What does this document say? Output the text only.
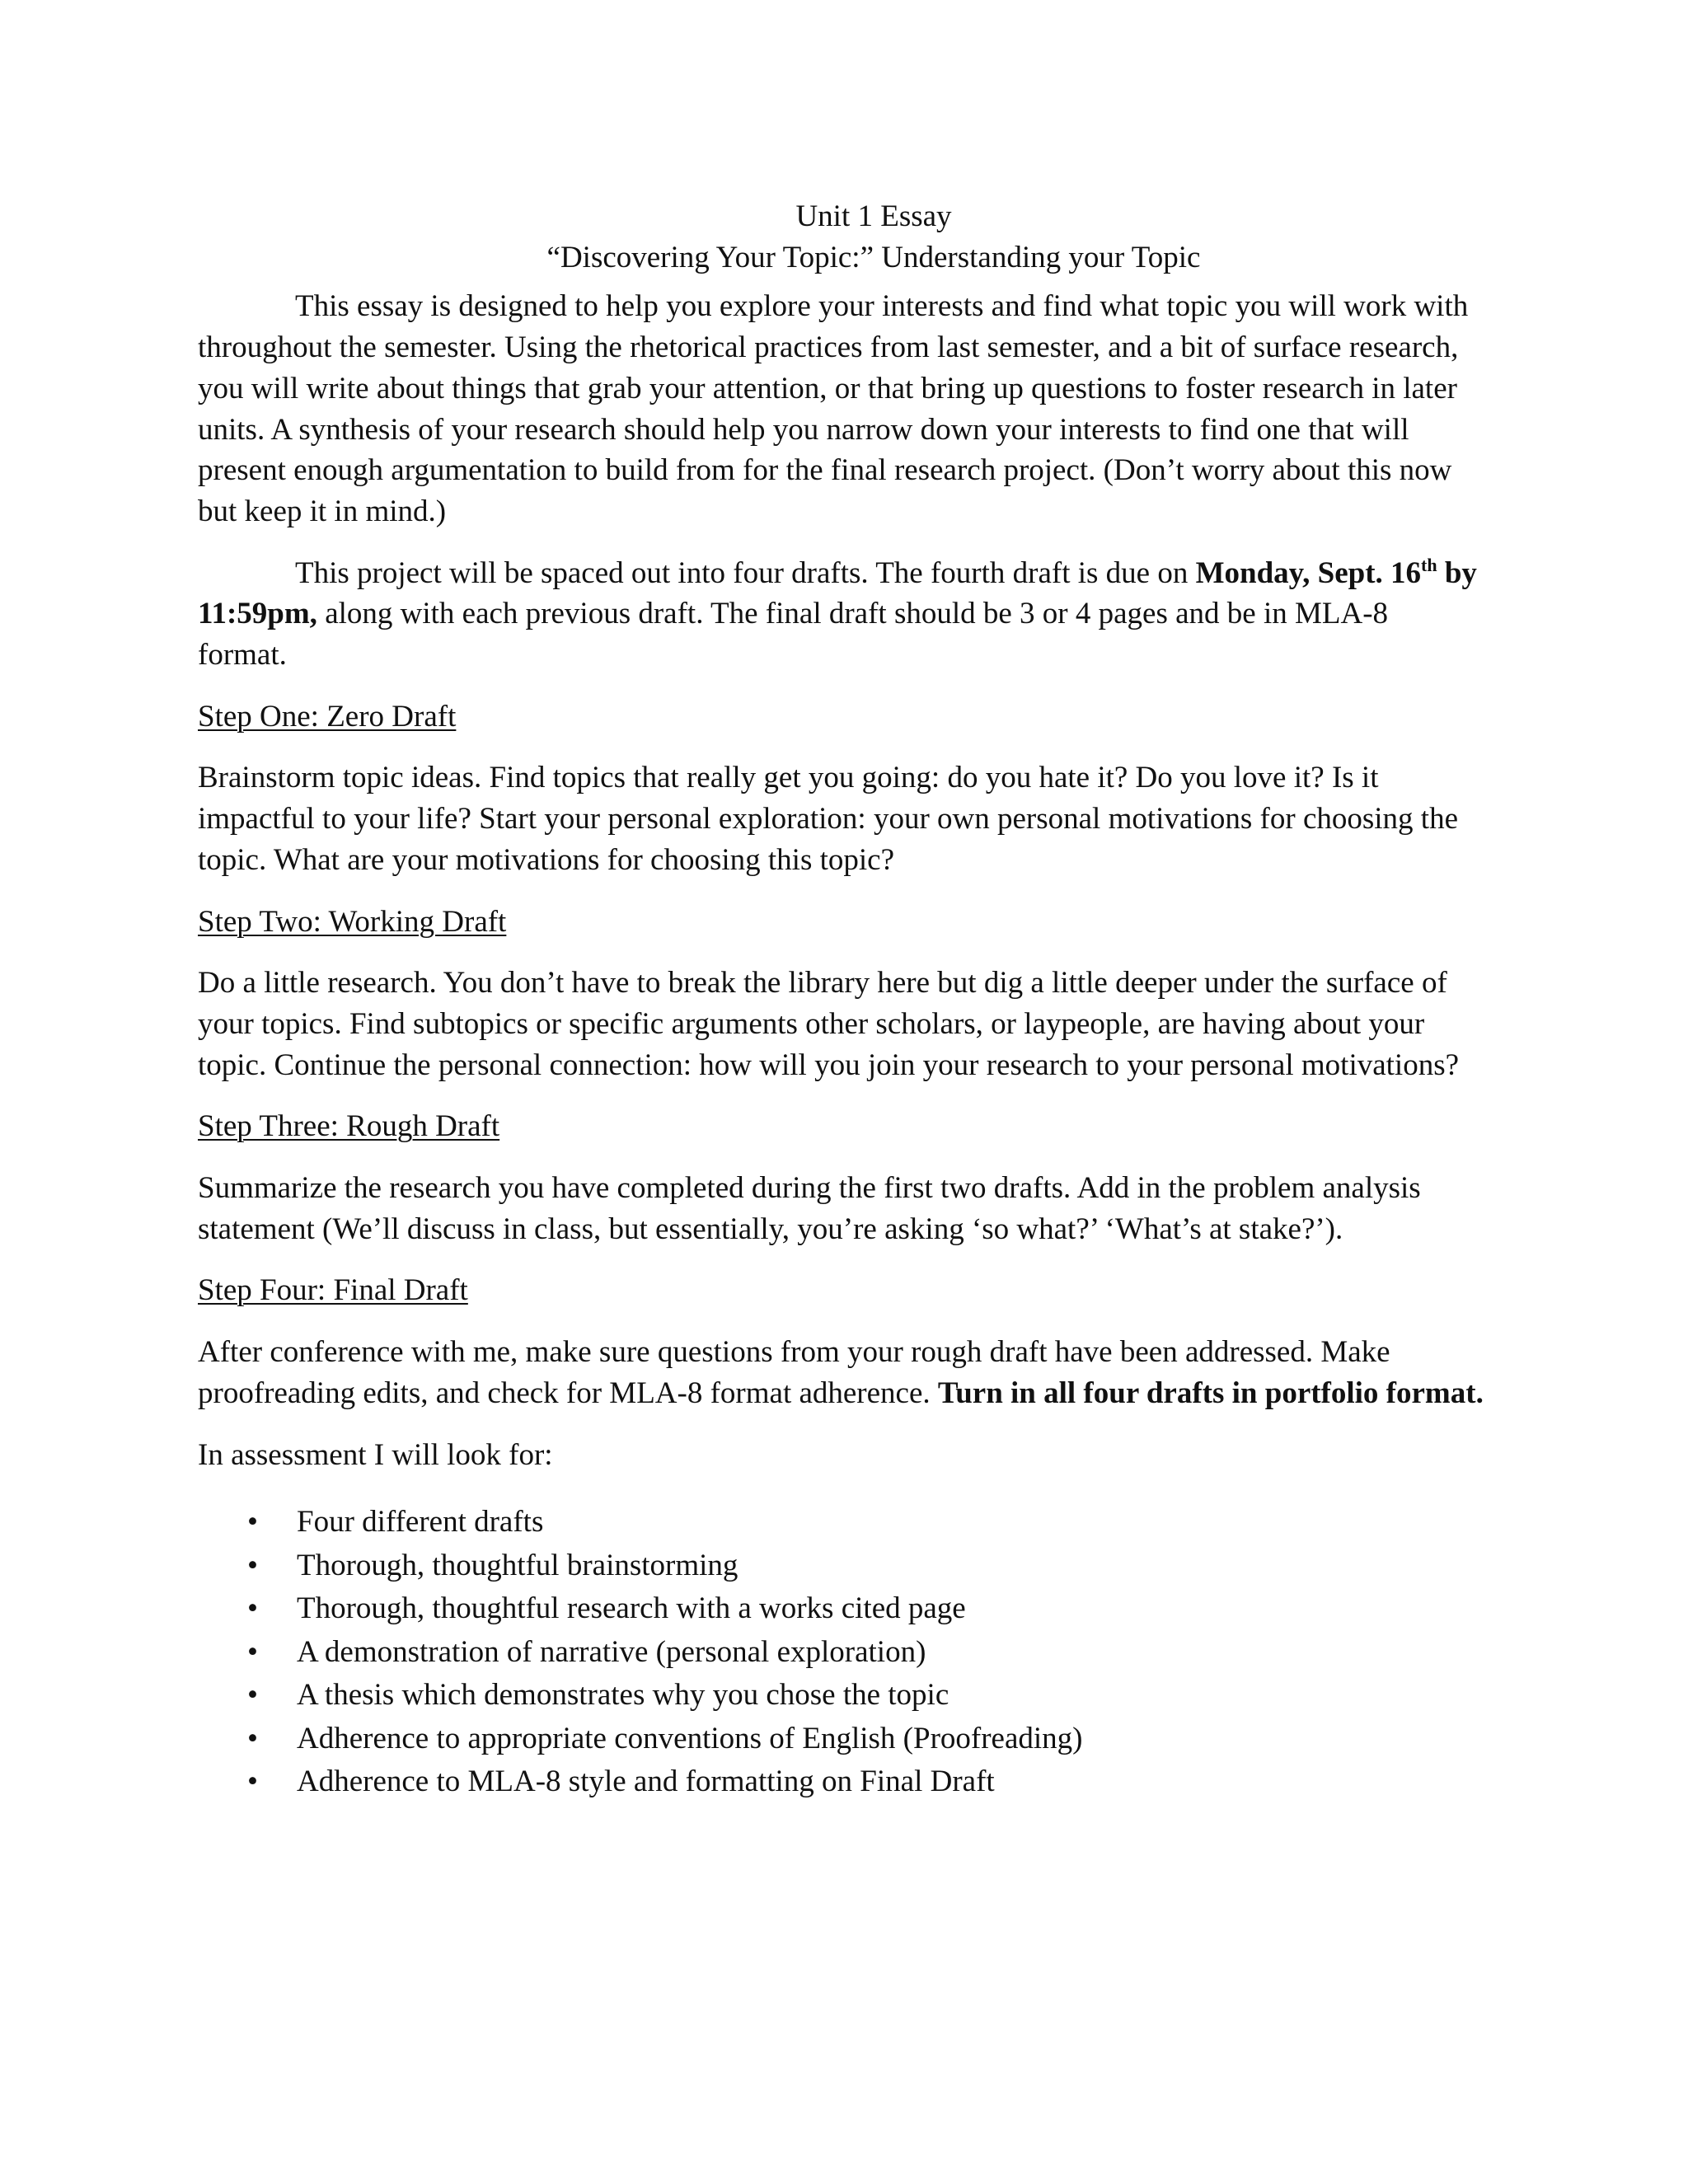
Unit 1 Essay
“Discovering Your Topic:” Understanding your Topic

This essay is designed to help you explore your interests and find what topic you will work with throughout the semester. Using the rhetorical practices from last semester, and a bit of surface research, you will write about things that grab your attention, or that bring up questions to foster research in later units. A synthesis of your research should help you narrow down your interests to find one that will present enough argumentation to build from for the final research project. (Don’t worry about this now but keep it in mind.)

This project will be spaced out into four drafts. The fourth draft is due on Monday, Sept. 16th by 11:59pm, along with each previous draft. The final draft should be 3 or 4 pages and be in MLA-8 format.

Step One: Zero Draft

Brainstorm topic ideas. Find topics that really get you going: do you hate it? Do you love it? Is it impactful to your life? Start your personal exploration: your own personal motivations for choosing the topic. What are your motivations for choosing this topic?

Step Two: Working Draft

Do a little research. You don’t have to break the library here but dig a little deeper under the surface of your topics. Find subtopics or specific arguments other scholars, or laypeople, are having about your topic. Continue the personal connection: how will you join your research to your personal motivations?

Step Three: Rough Draft

Summarize the research you have completed during the first two drafts. Add in the problem analysis statement (We’ll discuss in class, but essentially, you’re asking ‘so what?’ ‘What’s at stake?’).

Step Four: Final Draft

After conference with me, make sure questions from your rough draft have been addressed. Make proofreading edits, and check for MLA-8 format adherence. Turn in all four drafts in portfolio format.

In assessment I will look for:
•	Four different drafts
•	Thorough, thoughtful brainstorming
•	Thorough, thoughtful research with a works cited page
•	A demonstration of narrative (personal exploration)
•	A thesis which demonstrates why you chose the topic
•	Adherence to appropriate conventions of English (Proofreading)
•	Adherence to MLA-8 style and formatting on Final Draft
